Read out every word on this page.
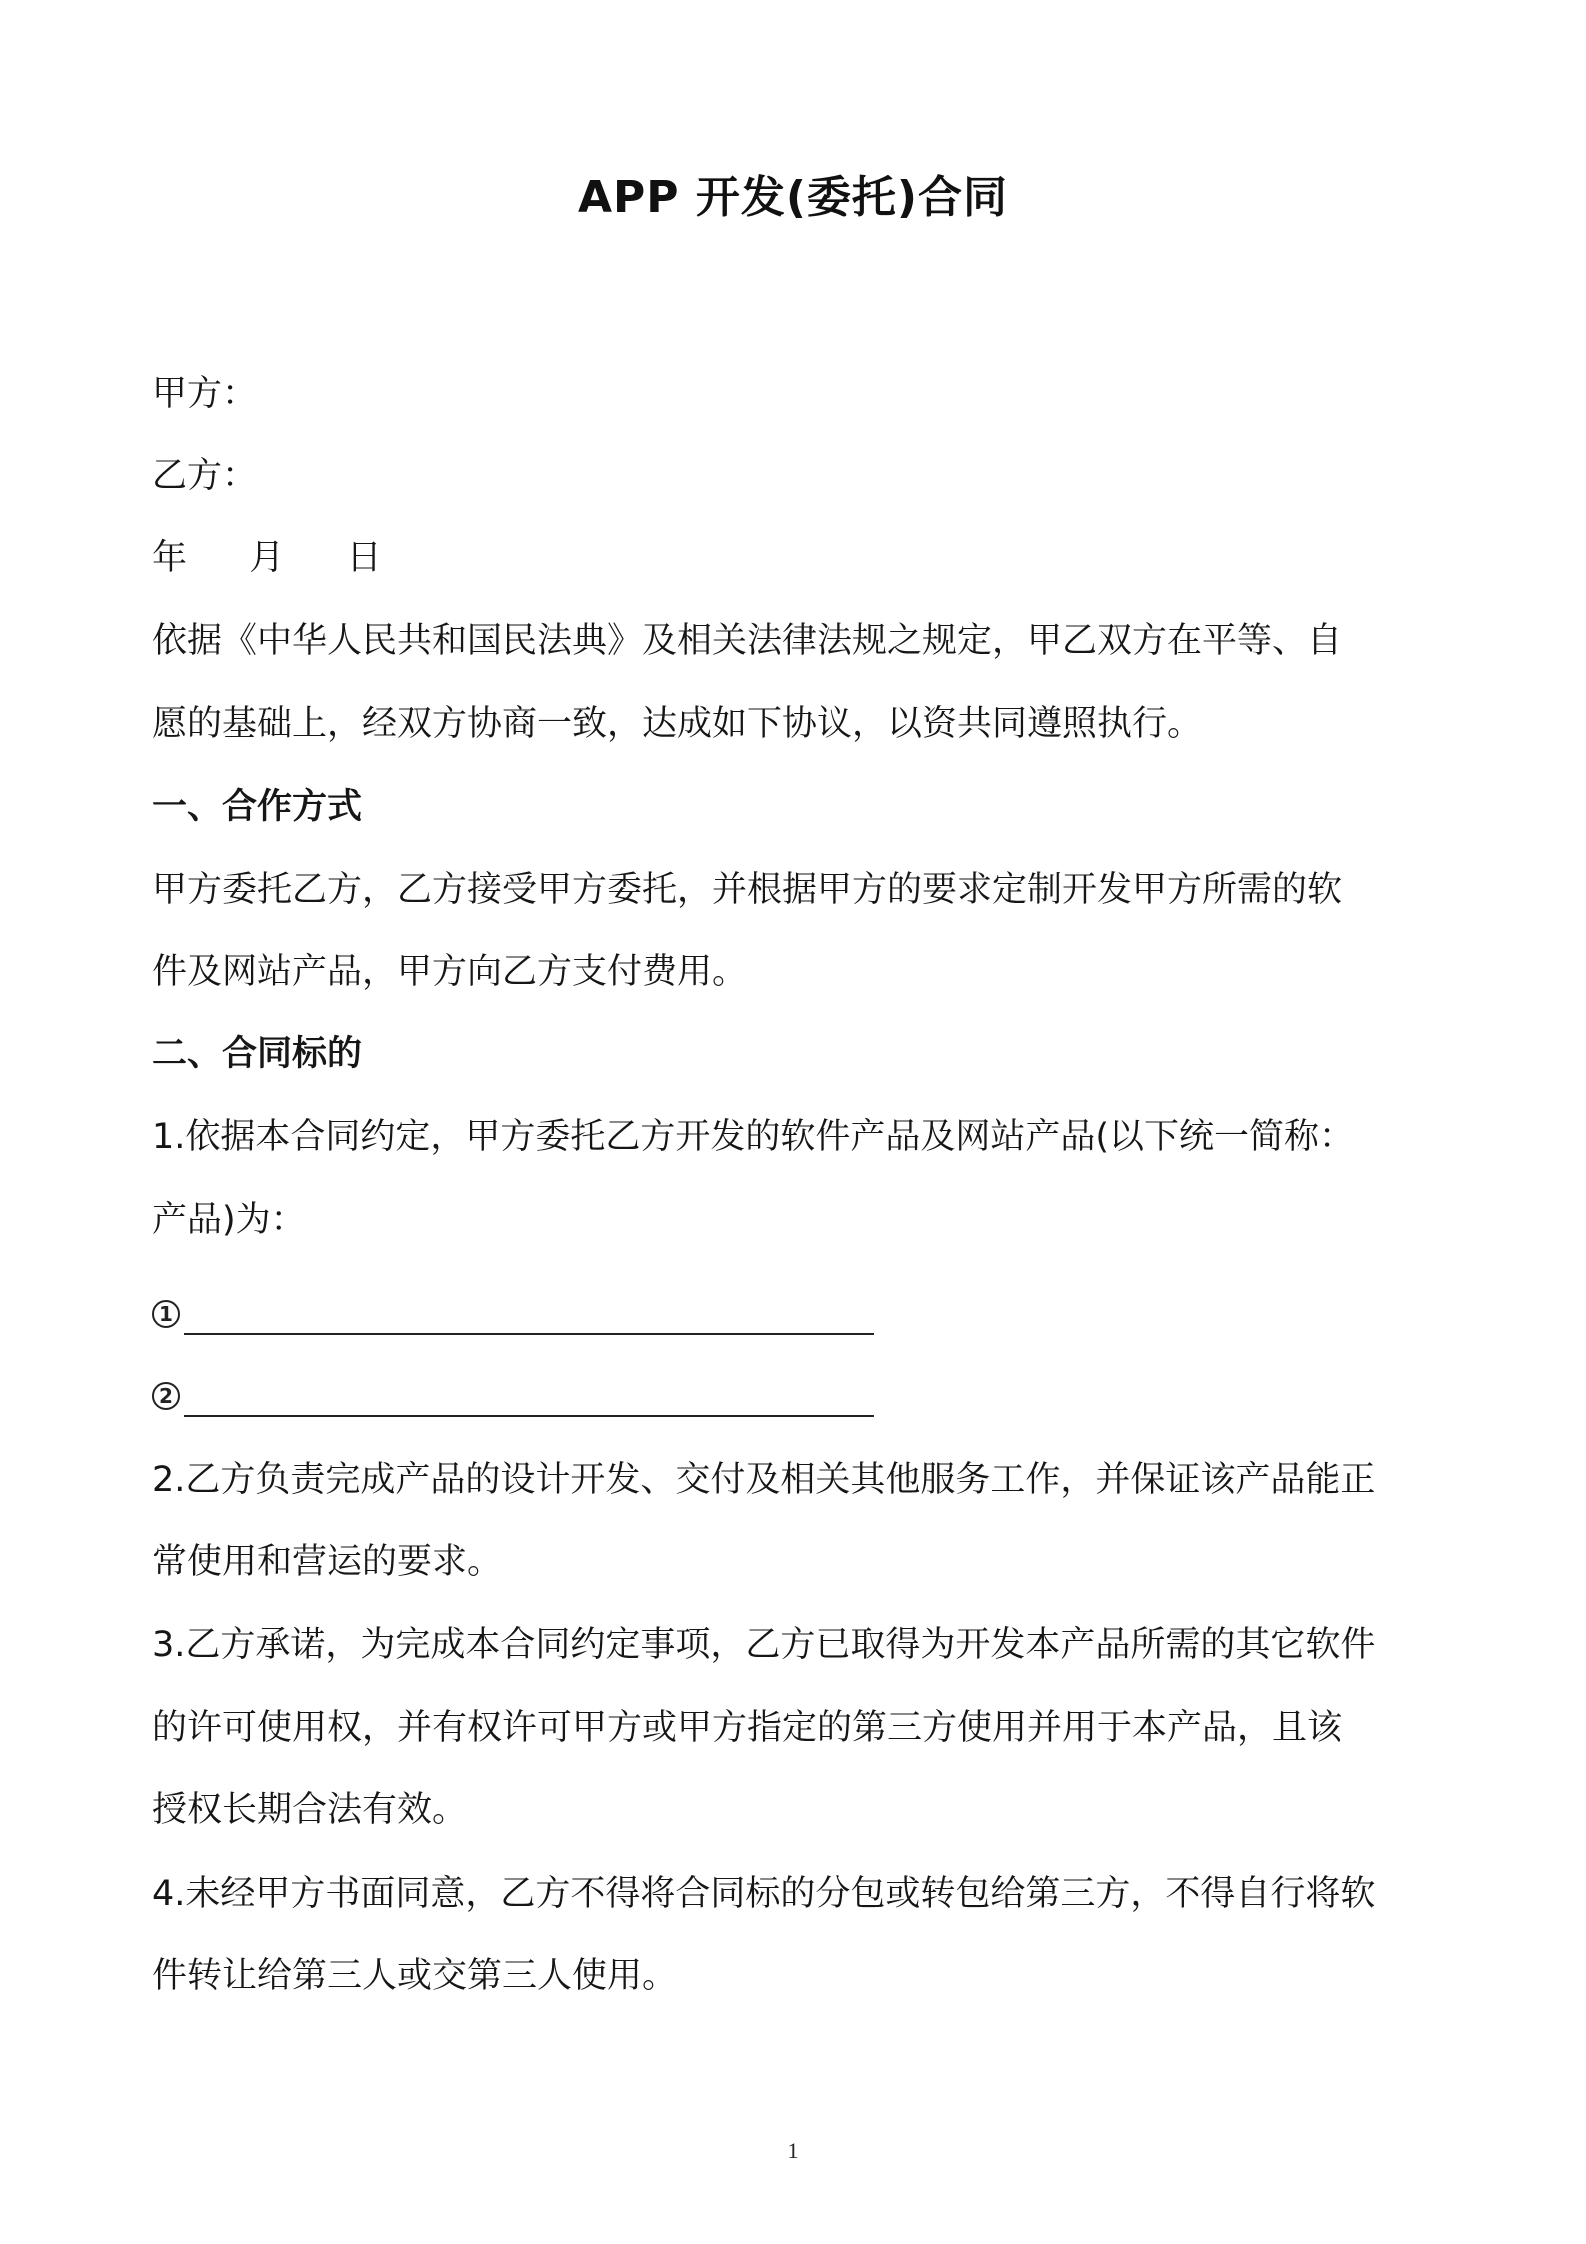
APP 开发(委托)合同
甲方：
乙方：
年 月 日
依据《中华人民共和国民法典》及相关法律法规之规定，甲乙双方在平等、自
愿的基础上，经双方协商一致，达成如下协议，以资共同遵照执行。
一、合作方式
甲方委托乙方，乙方接受甲方委托，并根据甲方的要求定制开发甲方所需的软
件及网站产品，甲方向乙方支付费用。
二、合同标的
1.依据本合同约定，甲方委托乙方开发的软件产品及网站产品(以下统一简称：
产品)为：
1
2
2.乙方负责完成产品的设计开发、交付及相关其他服务工作，并保证该产品能正
常使用和营运的要求。
3.乙方承诺，为完成本合同约定事项，乙方已取得为开发本产品所需的其它软件
的许可使用权，并有权许可甲方或甲方指定的第三方使用并用于本产品，且该
授权长期合法有效。
4.未经甲方书面同意，乙方不得将合同标的分包或转包给第三方，不得自行将软
件转让给第三人或交第三人使用。
1
